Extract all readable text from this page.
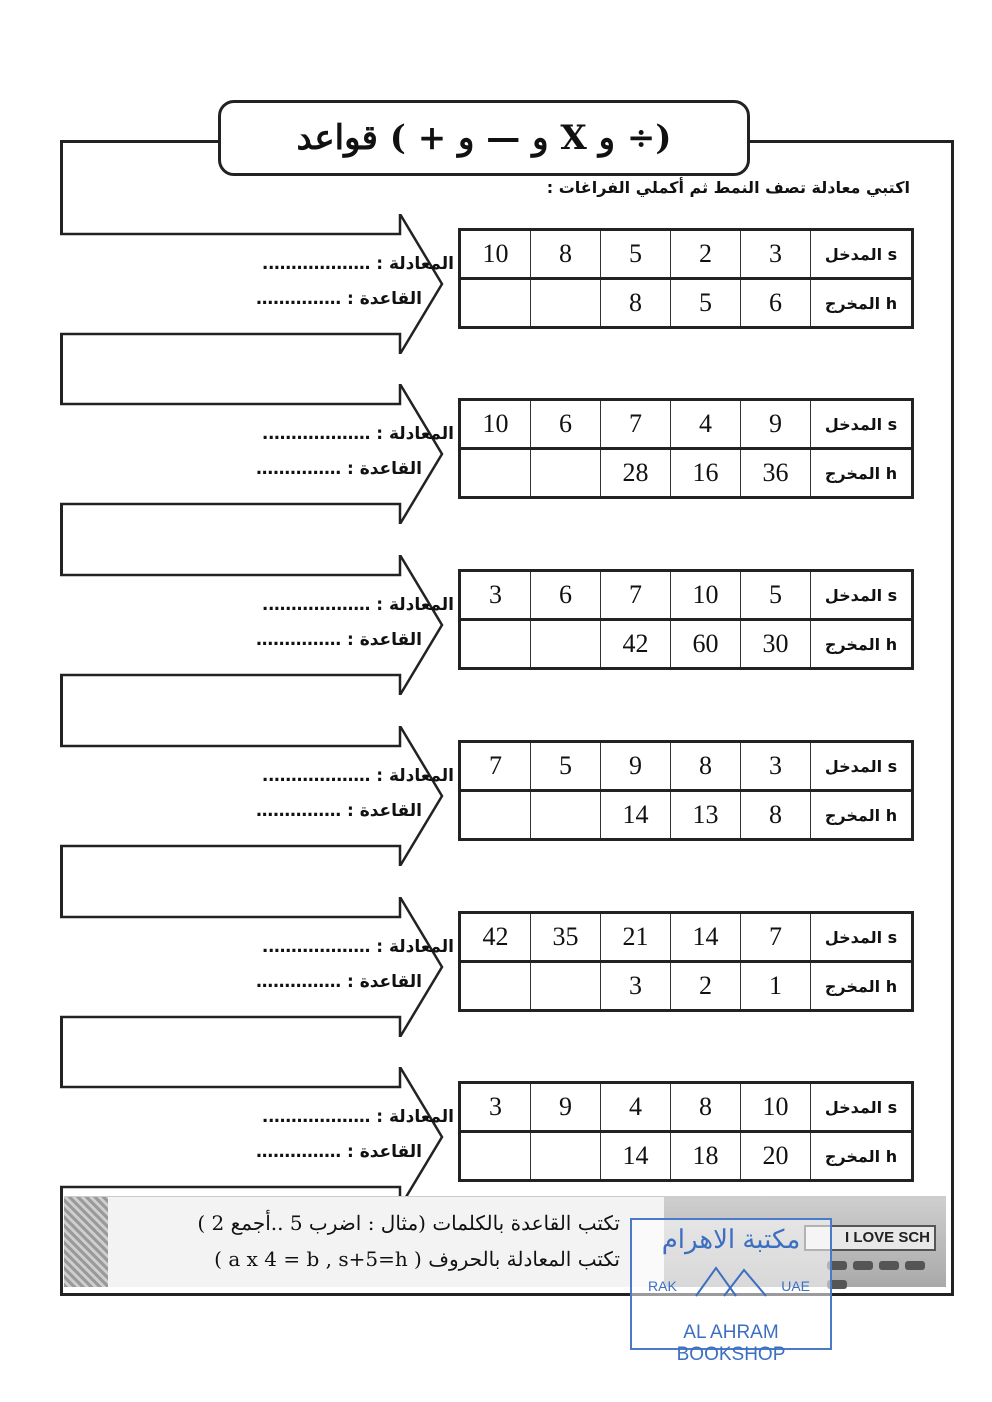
قواعد ( + و — و X و ÷)
اكتبي معادلة تصف النمط ثم أكملي الفراغات :
المعادلة : ……………….
القاعدة : ……………
10	8	5	2	3	المدخل s
		8	5	6	المخرج h
المعادلة : ……………….
القاعدة : ……………
10	6	7	4	9	المدخل s
		28	16	36	المخرج h
المعادلة : ……………….
القاعدة : ……………
3	6	7	10	5	المدخل s
		42	60	30	المخرج h
المعادلة : ……………….
القاعدة : ……………
7	5	9	8	3	المدخل s
		14	13	8	المخرج h
المعادلة : ……………….
القاعدة : ……………
42	35	21	14	7	المدخل s
		3	2	1	المخرج h
المعادلة : ……………….
القاعدة : ……………
3	9	4	8	10	المدخل s
		14	18	20	المخرج h
I LOVE SCH
تكتب القاعدة بالكلمات (مثال : اضرب 5 ..أجمع 2 )
تكتب المعادلة بالحروف ( a x 4 = b , s+5=h )
مكتبة الاهرام
RAK	UAE
AL AHRAM BOOKSHOP
